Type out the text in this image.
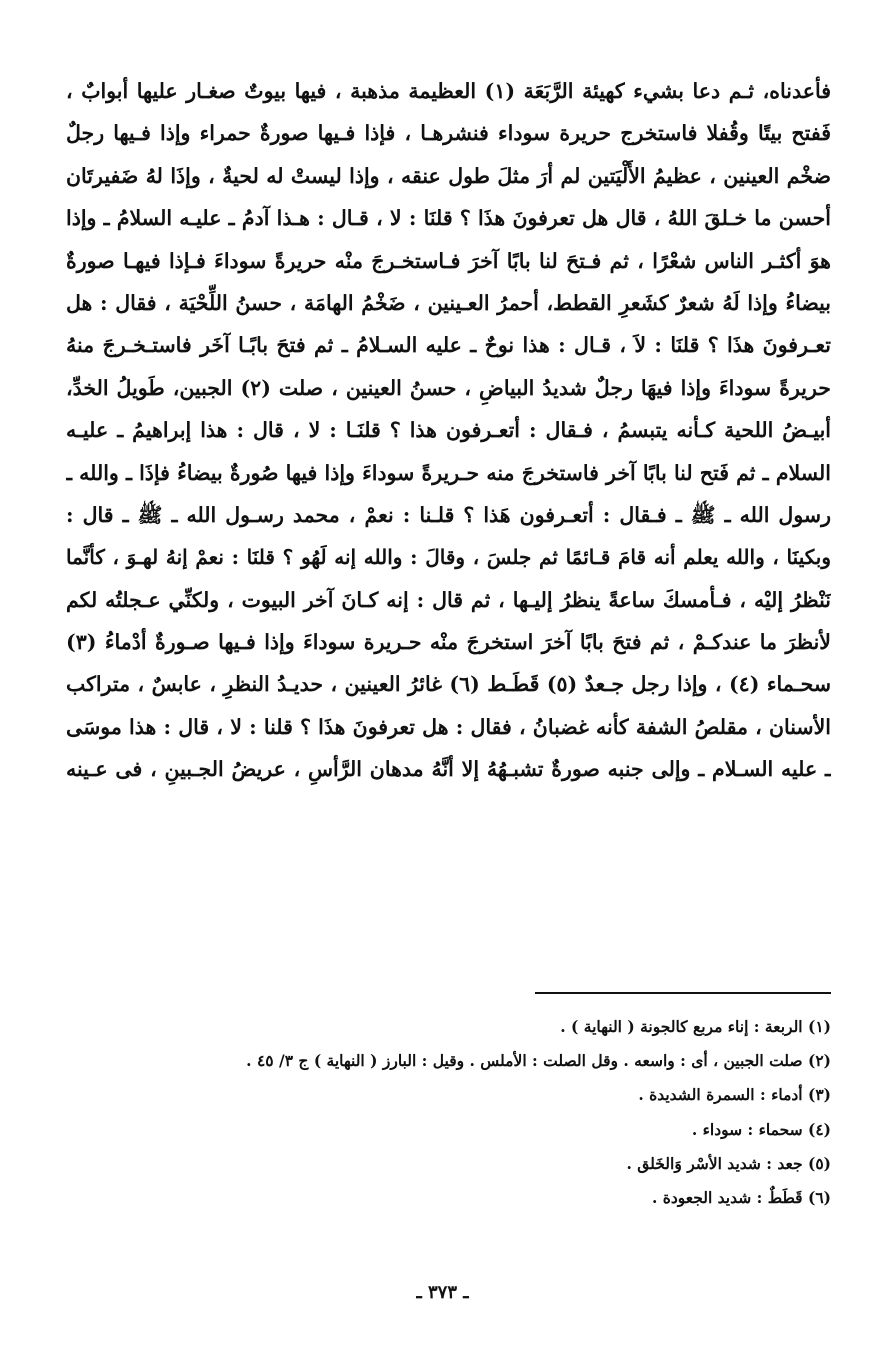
فأعدناه، ثـم دعا بشيء كهيئة الرَّبَعَة (١) العظيمة مذهبة ، فيها بيوتٌ صغـار عليها أبوابٌ ،
فَفتح بيتًا وقُفلا فاستخرج حريرة سوداء فنشرهـا ، فإذا فـيها صورةٌ حمراء وإذا فـيها رجلٌ
ضخْم العينين ، عظيمُ الأَلْيَتين لم أرَ مثلَ طول عنقه ، وإذا ليستْ له لحيةٌ ، وإذَا لهُ ضَفيرتَان
أحسن ما خـلقَ اللهُ ، قال هل تعرفونَ هذَا ؟ قلنَا : لا ، قـال : هـذا آدمُ ـ عليـه السلامُ ـ وإذا
هوَ أكثـر الناس شعْرًا ، ثم فـتحَ لنا بابًا آخرَ فـاستخـرجَ منْه حريرةً سوداءَ فـإذا فيهـا صورةٌ
بيضاءُ وإذا لَهُ شعرٌ كشَعرِ القطط، أحمرُ العـينين ، ضَخْمُ الهامَة ، حسنُ اللِّحْيَة ، فقال : هل
تعـرفونَ هذَا ؟ قلنَا : لاَ ، قـال : هذا نوحٌ ـ عليه السـلامُ ـ ثم فتحَ بابًـا آخَر فاستـخـرجَ منهُ
حريرةً سوداءَ وإذا فيهَا رجلٌ شديدُ البياضِ ، حسنُ العينين ، صلت (٢) الجبين، طَويلُ الخدِّ،
أبيـضُ اللحية كـأنه يتبسمُ ، فـقال : أتعـرفون هذا ؟ قلنَـا : لا ، قال : هذا إبراهيمُ ـ عليـه
السلام ـ ثم فَتح لنا بابًا آخر فاستخرجَ منه حـريرةً سوداءَ وإذا فيها صُورةٌ بيضاءُ فإذَا ـ والله ـ
رسول الله ـ ﷺ ـ فـقال : أتعـرفون هَذا ؟ قلـنا : نعمْ ، محمد رسـول الله ـ ﷺ ـ قال :
وبكينَا ، والله يعلم أنه قامَ قـائمًا ثم جلسَ ، وقالَ : والله إنه لَهُو ؟ قلنَا : نعمْ إنهُ لهـوَ ، كأنَّما
نَنْظرُ إليْه ، فـأمسكَ ساعةً ينظرُ إليـها ، ثم قال : إنه كـانَ آخر البيوت ، ولكنِّي عـجلتُه لكم
لأنظرَ ما عندكـمْ ، ثم فتحَ بابًا آخرَ استخرجَ منْه حـريرة سوداءَ وإذا فـيها صـورةٌ أدْماءُ (٣)
سحـماء (٤) ، وإذا رجل جـعدٌ (٥) قَطَـط (٦) غائرُ العينين ، حديـدُ النظرِ ، عابسٌ ، متراكب
الأسنان ، مقلصُ الشفة كأنه غضبانُ ، فقال : هل تعرفونَ هذَا ؟ قلنا : لا ، قال : هذا موسَى
ـ عليه السـلام ـ وإلى جنبه صورةٌ تشبـهُهُ إلا أنَّهُ مدهان الرَّأسِ ، عريضُ الجـبينِ ، فى عـينه
(١) الربعة : إناء مربع كالجونة ( النهاية ) .
(٢) صلت الجبين ، أى : واسعه . وقل الصلت : الأملس . وقيل : البارز ( النهاية ) ج ٣/ ٤٥ .
(٣) أدماء : السمرة الشديدة .
(٤) سحماء : سوداء .
(٥) جعد : شديد الأسْر وَالخَلق .
(٦) قَطَطٌ : شديد الجعودة .
ـ ٣٧٣ ـ
